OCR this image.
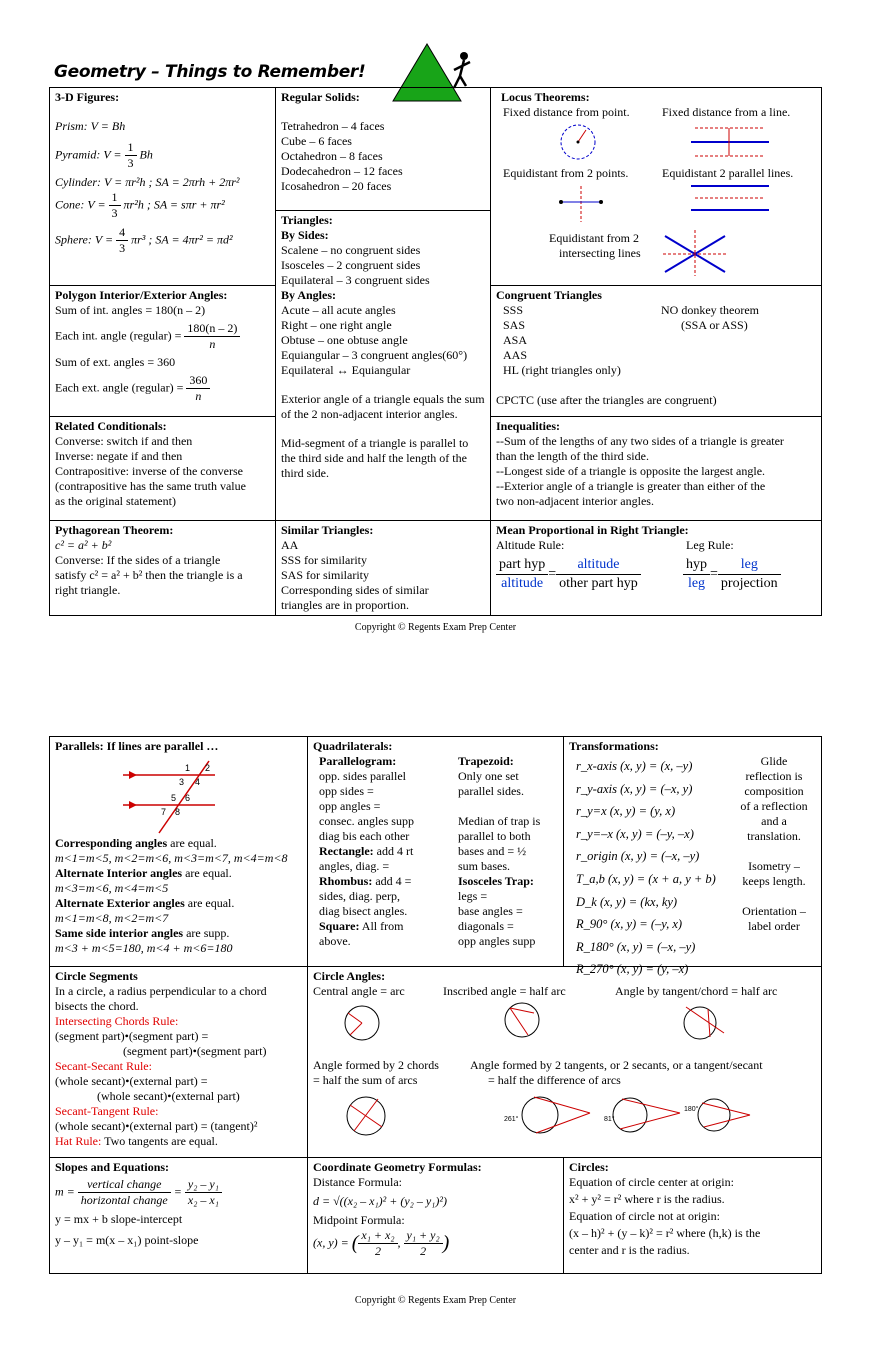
Geometry – Things to Remember!
3-D Figures:
Prism: V = Bh
Pyramid: $V = \frac{1}{3}$ Bh
Cylinder: V = πr²h ; SA = 2πrh + 2πr²
Cone: $V = \frac{1}{3} \pi r^2h$ ; SA = sπr + πr²
Sphere: $V = \frac{4}{3} \pi r^3$ ; SA = 4πr² = πd²
Regular Solids:
Tetrahedron – 4 faces
Cube – 6 faces
Octahedron – 8 faces
Dodecahedron – 12 faces
Icosahedron – 20 faces
Locus Theorems:
Fixed distance from point.	Fixed distance from a line.
Equidistant from 2 points.	Equidistant 2 parallel lines.
Equidistant from 2
intersecting lines
Triangles:
By Sides:
Scalene – no congruent sides
Isosceles – 2 congruent sides
Equilateral – 3 congruent sides
By Angles:
Acute – all acute angles
Right – one right angle
Obtuse – one obtuse angle
Equiangular – 3 congruent angles(60°)
Equilateral ↔ Equiangular
Exterior angle of a triangle equals the sum of the 2 non-adjacent interior angles.
Mid-segment of a triangle is parallel to the third side and half the length of the third side.
Polygon Interior/Exterior Angles:
Sum of int. angles = 180(n – 2)
Each int. angle (regular) = $\frac{180(n - 2)}{n}$
Sum of ext. angles = 360
Each ext. angle (regular) = $\frac{360}{n}$
Congruent Triangles
SSS
SAS
ASA
AAS
HL (right triangles only)
NO donkey theorem
(SSA or ASS)
CPCTC (use after the triangles are congruent)
Related Conditionals:
Converse: switch if and then
Inverse: negate if and then
Contrapositive: inverse of the converse
(contrapositive has the same truth value
as the original statement)
Inequalities:
--Sum of the lengths of any two sides of a triangle is greater
than the length of the third side.
--Longest side of a triangle is opposite the largest angle.
--Exterior angle of a triangle is greater than either of the
two non-adjacent interior angles.
Pythagorean Theorem:
c² = a² + b²
Converse: If the sides of a triangle
satisfy c² = a² + b² then the triangle is a
right triangle.
Similar Triangles:
AA
SSS for similarity
SAS for similarity
Corresponding sides of similar
triangles are in proportion.
Mean Proportional in Right Triangle:
Altitude Rule:	Leg Rule:
$\frac{\text{part hyp}}{\text{altitude}} = \frac{\text{altitude}}{\text{other part hyp}}$	$\frac{\text{hyp}}{\text{leg}} = \frac{\text{leg}}{\text{projection}}$
Copyright © Regents Exam Prep Center
Parallels: If lines are parallel …
1 2
3 4
5 6
7 8
Corresponding angles are equal.
m<1=m<5, m<2=m<6, m<3=m<7, m<4=m<8
Alternate Interior angles are equal.
m<3=m<6, m<4=m<5
Alternate Exterior angles are equal.
m<1=m<8, m<2=m<7
Same side interior angles are supp.
m<3 + m<5=180, m<4 + m<6=180
Quadrilaterals:
Parallelogram:
opp. sides parallel
opp sides =
opp angles =
consec. angles supp
diag bis each other
Rectangle: add 4 rt
angles, diag. =
Rhombus: add 4 =
sides, diag. perp,
diag bisect angles.
Square: All from
above.
Trapezoid:
Only one set
parallel sides.
Median of trap is
parallel to both
bases and = ½
sum bases.
Isosceles Trap:
legs =
base angles =
diagonals =
opp angles supp
Transformations:
r_x-axis (x, y) = (x, –y)
r_y-axis (x, y) = (–x, y)
r_y=x (x, y) = (y, x)
r_y=–x (x, y) = (–y, –x)
r_origin (x, y) = (–x, –y)
T_a,b (x, y) = (x + a, y + b)
D_k (x, y) = (kx, ky)
R_90° (x, y) = (–y, x)
R_180° (x, y) = (–x, –y)
R_270° (x, y) = (y, –x)
Glide
reflection is
composition
of a reflection
and a
translation.
Isometry –
keeps length.
Orientation –
label order
Circle Segments
In a circle, a radius perpendicular to a chord
bisects the chord.
Intersecting Chords Rule:
(segment part)•(segment part) =
(segment part)•(segment part)
Secant-Secant Rule:
(whole secant)•(external part) =
(whole secant)•(external part)
Secant-Tangent Rule:
(whole secant)•(external part) = (tangent)²
Hat Rule: Two tangents are equal.
Circle Angles:
Central angle = arc	Inscribed angle = half arc	Angle by tangent/chord = half arc
Angle formed by 2 chords
= half the sum of arcs
Angle formed by 2 tangents, or 2 secants, or a tangent/secant
= half the difference of arcs
261°	81°
180°
Slopes and Equations:
$m = \frac{\text{vertical change}}{\text{horizontal change}} = \frac{\text{y₂ – y₁}}{\text{x₂ – x₁}}$
y = mx + b slope-intercept
y – y₁ = m(x – x₁) point-slope
Coordinate Geometry Formulas:
Distance Formula:
d = √((x₂ – x₁)² + (y₂ – y₁)²)
Midpoint Formula:
(x, y) = ( $\frac{\text{x₁ + x₂}}{2}$ , $\frac{\text{y₁ + y₂}}{2}$ )
Circles:
Equation of circle center at origin:
x² + y² = r² where r is the radius.
Equation of circle not at origin:
(x – h)² + (y – k)² = r² where (h,k) is the
center and r is the radius.
Copyright © Regents Exam Prep Center
